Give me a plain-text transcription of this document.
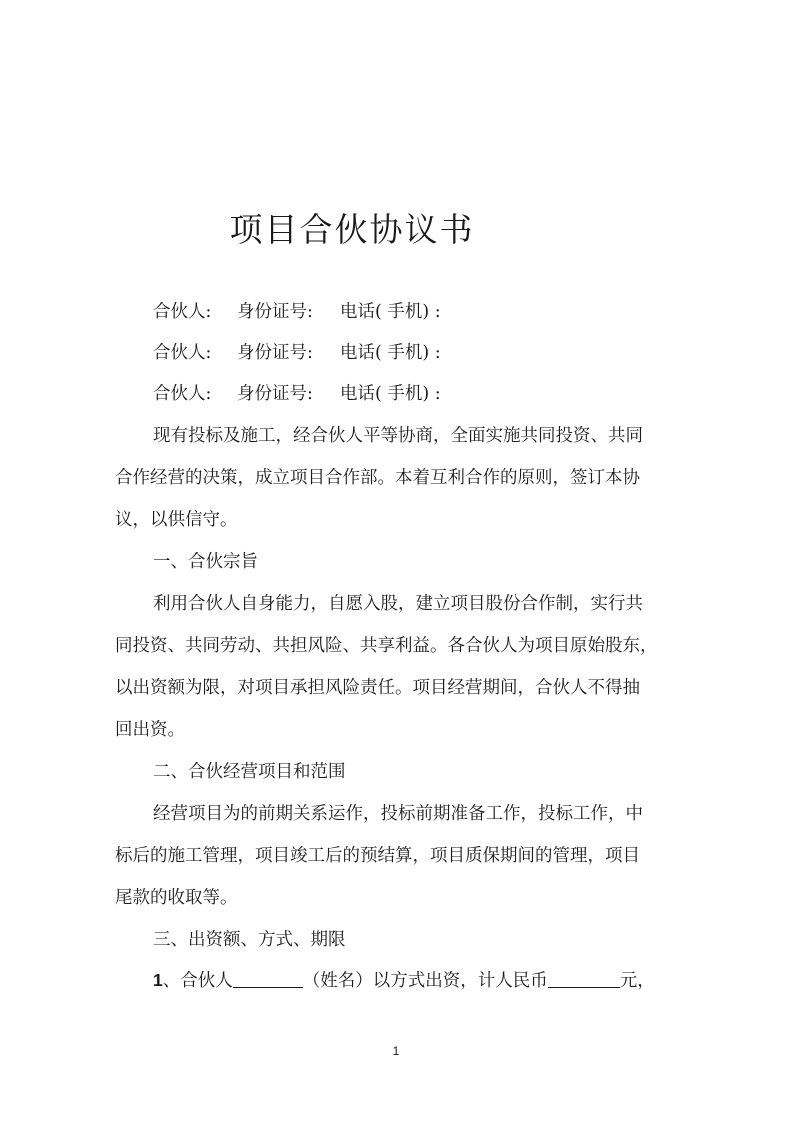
项目合伙协议书
合伙人:	身份证号:	电话( 手机) :
合伙人:	身份证号:	电话( 手机) :
合伙人:	身份证号:	电话( 手机) :
现有投标及施工，经合伙人平等协商，全面实施共同投资、共同
合作经营的决策，成立项目合作部。本着互利合作的原则，签订本协
议，以供信守。
一、合伙宗旨
利用合伙人自身能力，自愿入股，建立项目股份合作制，实行共
同投资、共同劳动、共担风险、共享利益。各合伙人为项目原始股东，
以出资额为限，对项目承担风险责任。项目经营期间，合伙人不得抽
回出资。
二、合伙经营项目和范围
经营项目为的前期关系运作，投标前期准备工作，投标工作，中
标后的施工管理，项目竣工后的预结算，项目质保期间的管理，项目
尾款的收取等。
三、出资额、方式、期限
1、合伙人	（姓名）以方式出资，计人民币	元，
1
